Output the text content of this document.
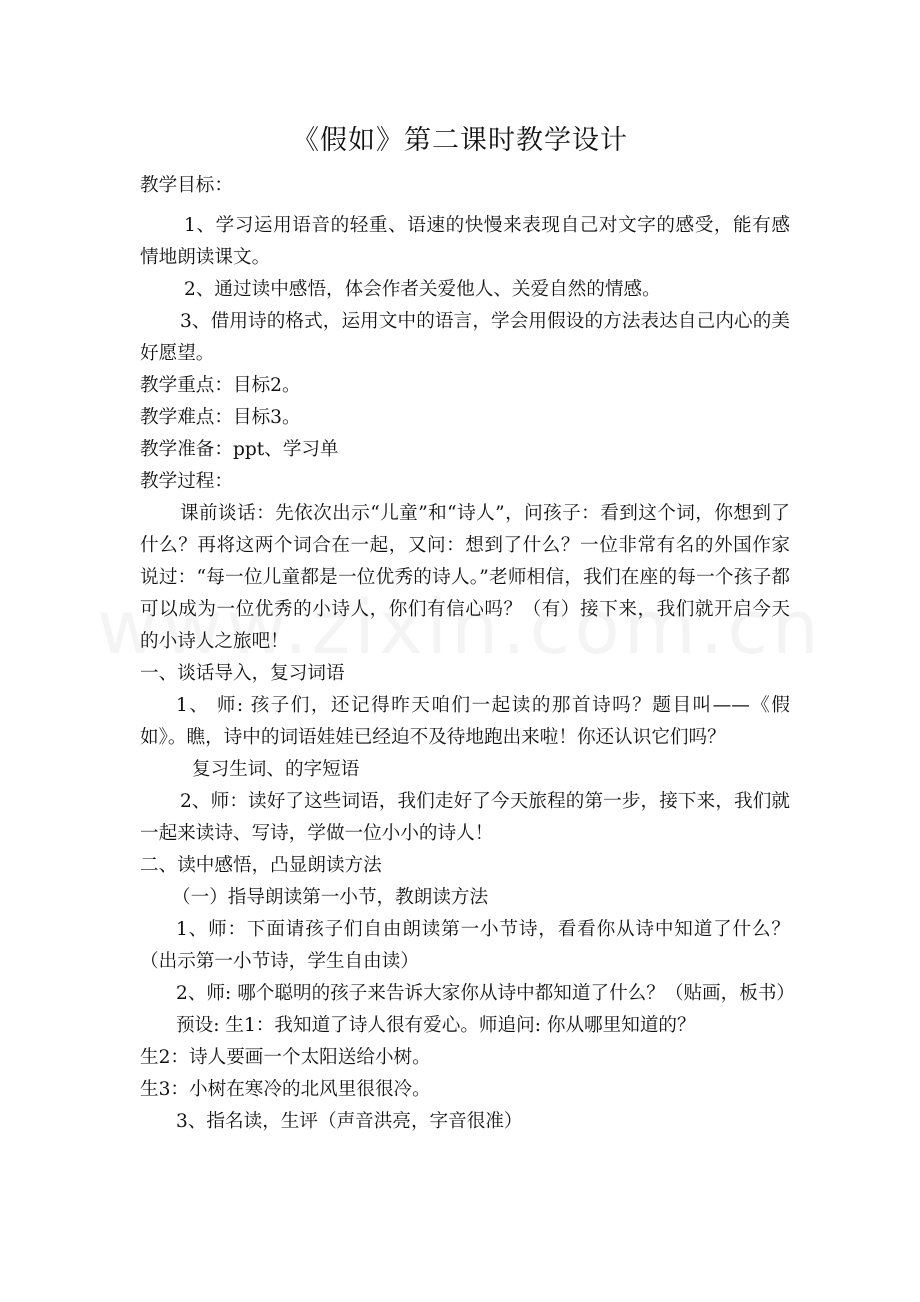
《假如》第二课时教学设计

教学目标：

1、学习运用语音的轻重、语速的快慢来表现自己对文字的感受，能有感情地朗读课文。

2、通过读中感悟，体会作者关爱他人、关爱自然的情感。

3、借用诗的格式，运用文中的语言，学会用假设的方法表达自己内心的美好愿望。

教学重点：目标2。

教学难点：目标3。

教学准备：ppt、学习单

教学过程：

课前谈话：先依次出示“儿童”和“诗人”，问孩子：看到这个词，你想到了什么？再将这两个词合在一起，又问：想到了什么？一位非常有名的外国作家说过：“每一位儿童都是一位优秀的诗人。”老师相信，我们在座的每一个孩子都可以成为一位优秀的小诗人，你们有信心吗？（有）接下来，我们就开启今天的小诗人之旅吧！

一、谈话导入，复习词语

1、 师: 孩子们，还记得昨天咱们一起读的那首诗吗？题目叫——《假如》。瞧，诗中的词语娃娃已经迫不及待地跑出来啦！你还认识它们吗？

复习生词、的字短语

2、师：读好了这些词语，我们走好了今天旅程的第一步，接下来，我们就一起来读诗、写诗，学做一位小小的诗人！

二、读中感悟，凸显朗读方法

（一）指导朗读第一小节，教朗读方法

1、师：下面请孩子们自由朗读第一小节诗，看看你从诗中知道了什么？（出示第一小节诗，学生自由读）

2、师: 哪个聪明的孩子来告诉大家你从诗中都知道了什么？（贴画，板书）

预设: 生1：我知道了诗人很有爱心。师追问: 你从哪里知道的？

生2：诗人要画一个太阳送给小树。

生3：小树在寒冷的北风里很很冷。

3、指名读，生评（声音洪亮，字音很准）
